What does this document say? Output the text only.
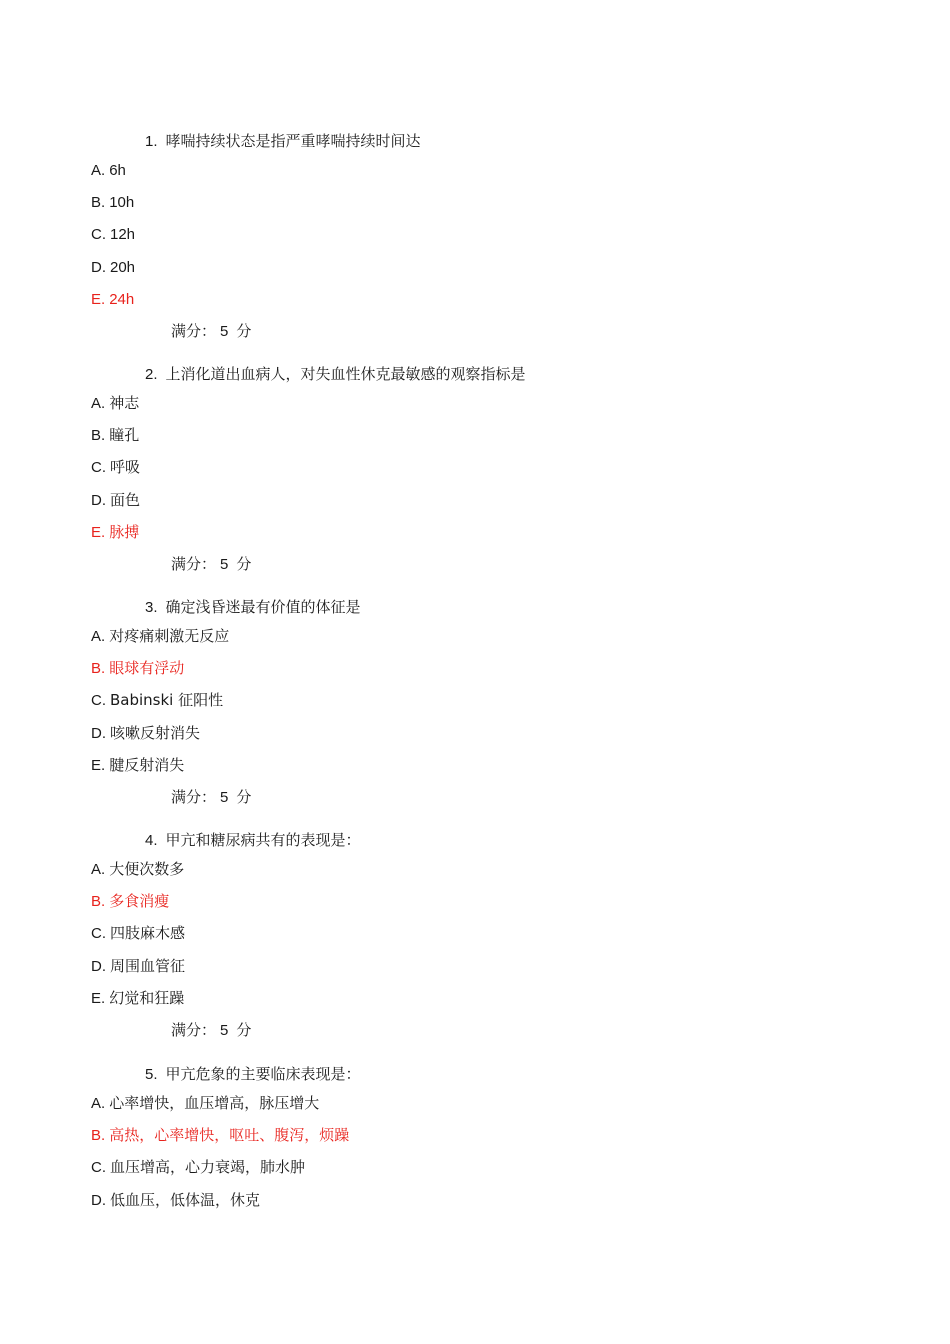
1. 哮喘持续状态是指严重哮喘持续时间达
A. 6h
B. 10h
C. 12h
D. 20h
E. 24h
满分： 5 分
2. 上消化道出血病人，对失血性休克最敏感的观察指标是
A. 神志
B. 瞳孔
C. 呼吸
D. 面色
E. 脉搏
满分： 5 分
3. 确定浅昏迷最有价值的体征是
A. 对疼痛刺激无反应
B. 眼球有浮动
C. Babinski 征阳性
D. 咳嗽反射消失
E. 腱反射消失
满分： 5 分
4. 甲亢和糖尿病共有的表现是：
A. 大便次数多
B. 多食消瘦
C. 四肢麻木感
D. 周围血管征
E. 幻觉和狂躁
满分： 5 分
5. 甲亢危象的主要临床表现是：
A. 心率增快，血压增高，脉压增大
B. 高热，心率增快，呕吐、腹泻，烦躁
C. 血压增高，心力衰竭，肺水肿
D. 低血压，低体温，休克
